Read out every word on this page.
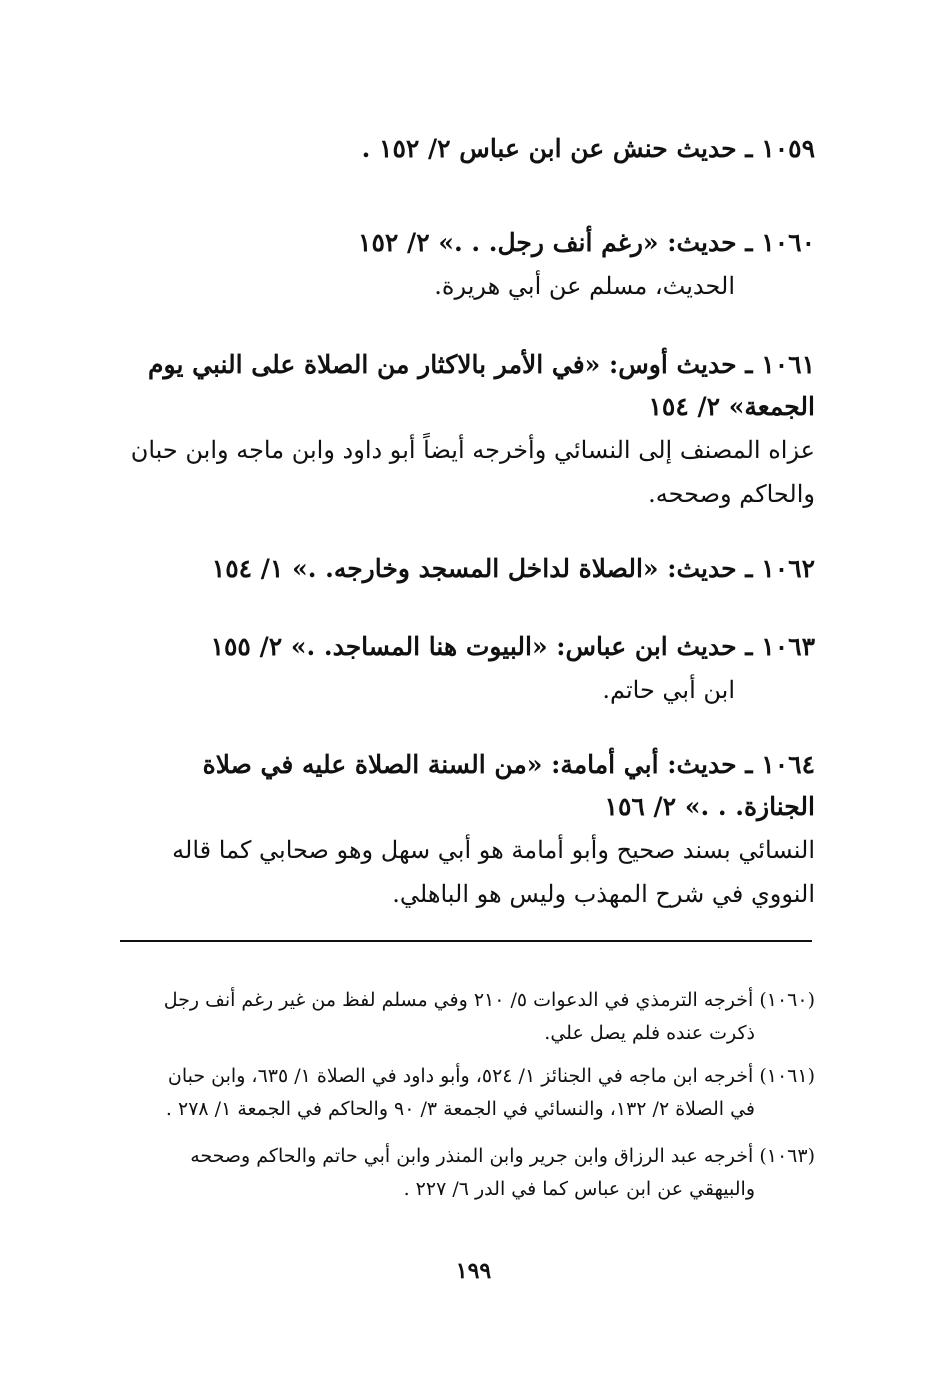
١٠٥٩ ـ حديث حنش عن ابن عباس ٢/ ١٥٢ .
١٠٦٠ ـ حديث: «رغم أنف رجل. . .» ٢/ ١٥٢
الحديث، مسلم عن أبي هريرة.
١٠٦١ ـ حديث أوس: «في الأمر بالاكثار من الصلاة على النبي يوم الجمعة» ٢/ ١٥٤
عزاه المصنف إلى النسائي وأخرجه أيضاً أبو داود وابن ماجه وابن حبان والحاكم وصححه.
١٠٦٢ ـ حديث: «الصلاة لداخل المسجد وخارجه. .» ١/ ١٥٤
١٠٦٣ ـ حديث ابن عباس: «البيوت هنا المساجد. .» ٢/ ١٥٥
ابن أبي حاتم.
١٠٦٤ ـ حديث: أبي أمامة: «من السنة الصلاة عليه في صلاة الجنازة. . .» ٢/ ١٥٦
النسائي بسند صحيح وأبو أمامة هو أبي سهل وهو صحابي كما قاله النووي في شرح المهذب وليس هو الباهلي.
(١٠٦٠) أخرجه الترمذي في الدعوات ٥/ ٢١٠ وفي مسلم لفظ من غير رغم أنف رجل
ذكرت عنده فلم يصل علي.
(١٠٦١) أخرجه ابن ماجه في الجنائز ١/ ٥٢٤، وأبو داود في الصلاة ١/ ٦٣٥، وابن حبان
في الصلاة ٢/ ١٣٢، والنسائي في الجمعة ٣/ ٩٠ والحاكم في الجمعة ١/ ٢٧٨ .
(١٠٦٣) أخرجه عبد الرزاق وابن جرير وابن المنذر وابن أبي حاتم والحاكم وصححه
والبيهقي عن ابن عباس كما في الدر ٦/ ٢٢٧ .
١٩٩
